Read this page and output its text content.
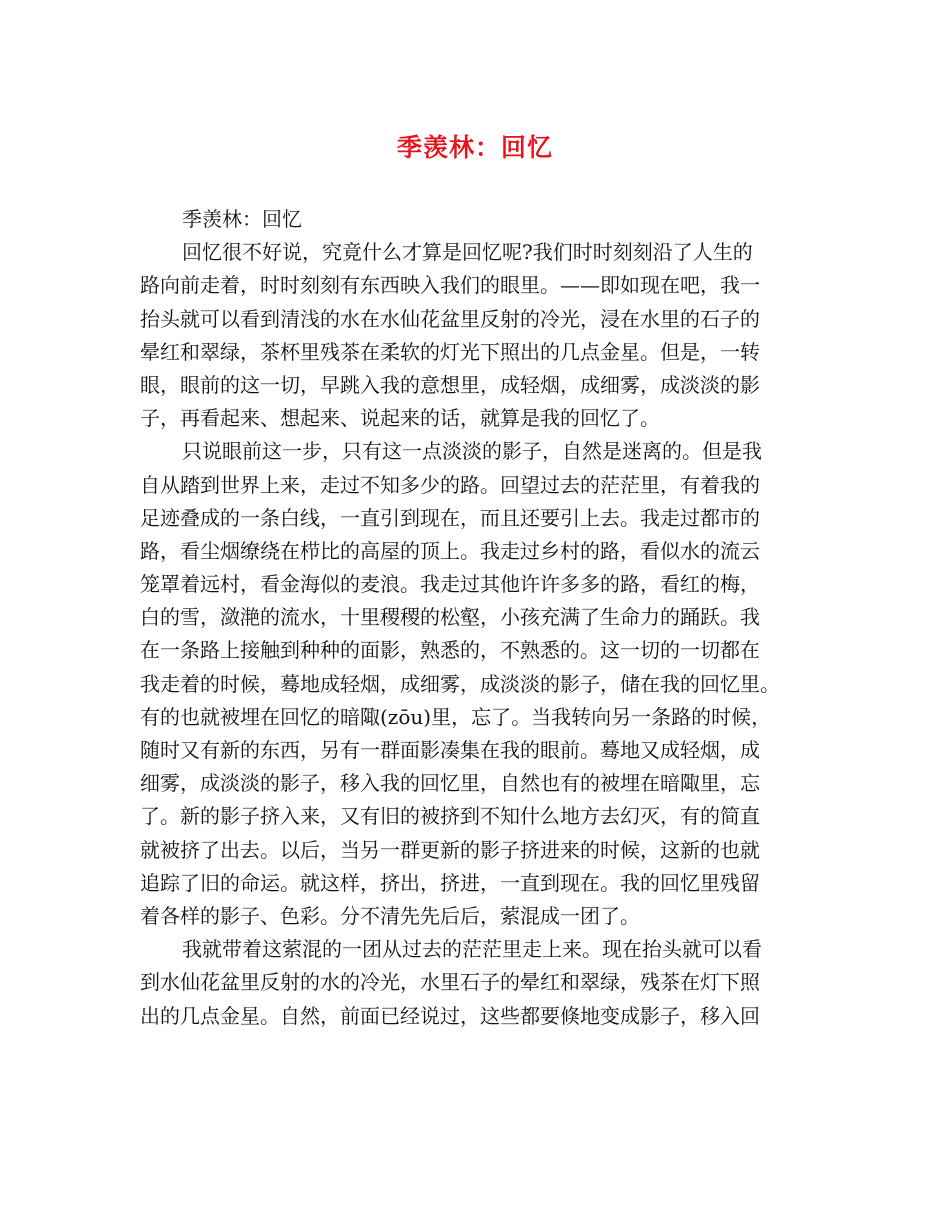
季羡林：回忆
季羡林：回忆
回忆很不好说，究竟什么才算是回忆呢?我们时时刻刻沿了人生的
路向前走着，时时刻刻有东西映入我们的眼里。——即如现在吧，我一
抬头就可以看到清浅的水在水仙花盆里反射的冷光，浸在水里的石子的
晕红和翠绿，茶杯里残茶在柔软的灯光下照出的几点金星。但是，一转
眼，眼前的这一切，早跳入我的意想里，成轻烟，成细雾，成淡淡的影
子，再看起来、想起来、说起来的话，就算是我的回忆了。
只说眼前这一步，只有这一点淡淡的影子，自然是迷离的。但是我
自从踏到世界上来，走过不知多少的路。回望过去的茫茫里，有着我的
足迹叠成的一条白线，一直引到现在，而且还要引上去。我走过都市的
路，看尘烟缭绕在栉比的高屋的顶上。我走过乡村的路，看似水的流云
笼罩着远村，看金海似的麦浪。我走过其他许许多多的路，看红的梅，
白的雪，潋滟的流水，十里稷稷的松壑，小孩充满了生命力的踊跃。我
在一条路上接触到种种的面影，熟悉的，不熟悉的。这一切的一切都在
我走着的时候，蓦地成轻烟，成细雾，成淡淡的影子，储在我的回忆里。
有的也就被埋在回忆的暗陬(zōu)里，忘了。当我转向另一条路的时候，
随时又有新的东西，另有一群面影凑集在我的眼前。蓦地又成轻烟，成
细雾，成淡淡的影子，移入我的回忆里，自然也有的被埋在暗陬里，忘
了。新的影子挤入来，又有旧的被挤到不知什么地方去幻灭，有的简直
就被挤了出去。以后，当另一群更新的影子挤进来的时候，这新的也就
追踪了旧的命运。就这样，挤出，挤进，一直到现在。我的回忆里残留
着各样的影子、色彩。分不清先先后后，萦混成一团了。
我就带着这萦混的一团从过去的茫茫里走上来。现在抬头就可以看
到水仙花盆里反射的水的冷光，水里石子的晕红和翠绿，残茶在灯下照
出的几点金星。自然，前面已经说过，这些都要倏地变成影子，移入回
